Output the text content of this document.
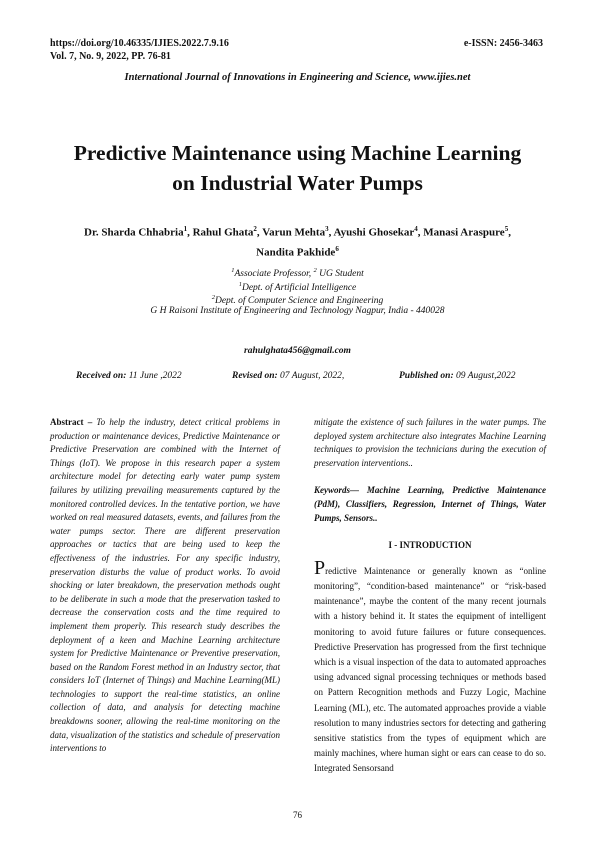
https://doi.org/10.46335/IJIES.2022.7.9.16
Vol. 7, No. 9, 2022, PP. 76-81
e-ISSN: 2456-3463
International Journal of Innovations in Engineering and Science, www.ijies.net
Predictive Maintenance using Machine Learning
on Industrial Water Pumps
Dr. Sharda Chhabria$^1$, Rahul Ghata$^2$, Varun Mehta$^3$, Ayushi Ghosekar$^4$, Manasi Araspure$^5$,
Nandita Pakhide$^6$
$^1$Associate Professor, $^2$ UG Student
$^1$Dept. of Artificial Intelligence
$^2$Dept. of Computer Science and Engineering
G H Raisoni Institute of Engineering and Technology Nagpur, India - 440028
rahulghata456@gmail.com
Received on: 11 June ,2022	Revised on: 07 August, 2022,	Published on: 09 August,2022
Abstract – To help the industry, detect critical problems in production or maintenance devices, Predictive Maintenance or Predictive Preservation are combined with the Internet of Things (IoT). We propose in this research paper a system architecture model for detecting early water pump system failures by utilizing prevailing measurements captured by the monitored controlled devices. In the tentative portion, we have worked on real measured datasets, events, and failures from the water pumps sector. There are different preservation approaches or tactics that are being used to keep the effectiveness of the industries. For any specific industry, preservation disturbs the value of product works. To avoid shocking or later breakdown, the preservation methods ought to be deliberate in such a mode that the preservation tasked to decrease the conservation costs and the time required to implement them properly. This research study describes the deployment of a keen and Machine Learning architecture system for Predictive Maintenance or Preventive preservation, based on the Random Forest method in an Industry sector, that considers IoT (Internet of Things) and Machine Learning(ML) technologies to support the real-time statistics, an online collection of data, and analysis for detecting machine breakdowns sooner, allowing the real-time monitoring on the data, visualization of the statistics and schedule of preservation interventions to
mitigate the existence of such failures in the water pumps. The deployed system architecture also integrates Machine Learning techniques to provision the technicians during the execution of preservation interventions..
Keywords— Machine Learning, Predictive Maintenance (PdM), Classifiers, Regression, Internet of Things, Water Pumps, Sensors..
I - INTRODUCTION
Predictive Maintenance or generally known as “online monitoring”, “condition-based maintenance” or “risk-based maintenance”, maybe the content of the many recent journals with a history behind it. It states the equipment of intelligent monitoring to avoid future failures or future consequences. Predictive Preservation has progressed from the first technique which is a visual inspection of the data to automated approaches using advanced signal processing techniques or methods based on Pattern Recognition methods and Fuzzy Logic, Machine Learning (ML), etc. The automated approaches provide a viable resolution to many industries sectors for detecting and gathering sensitive statistics from the types of equipment which are mainly machines, where human sight or ears can cease to do so. Integrated Sensorsand
76
